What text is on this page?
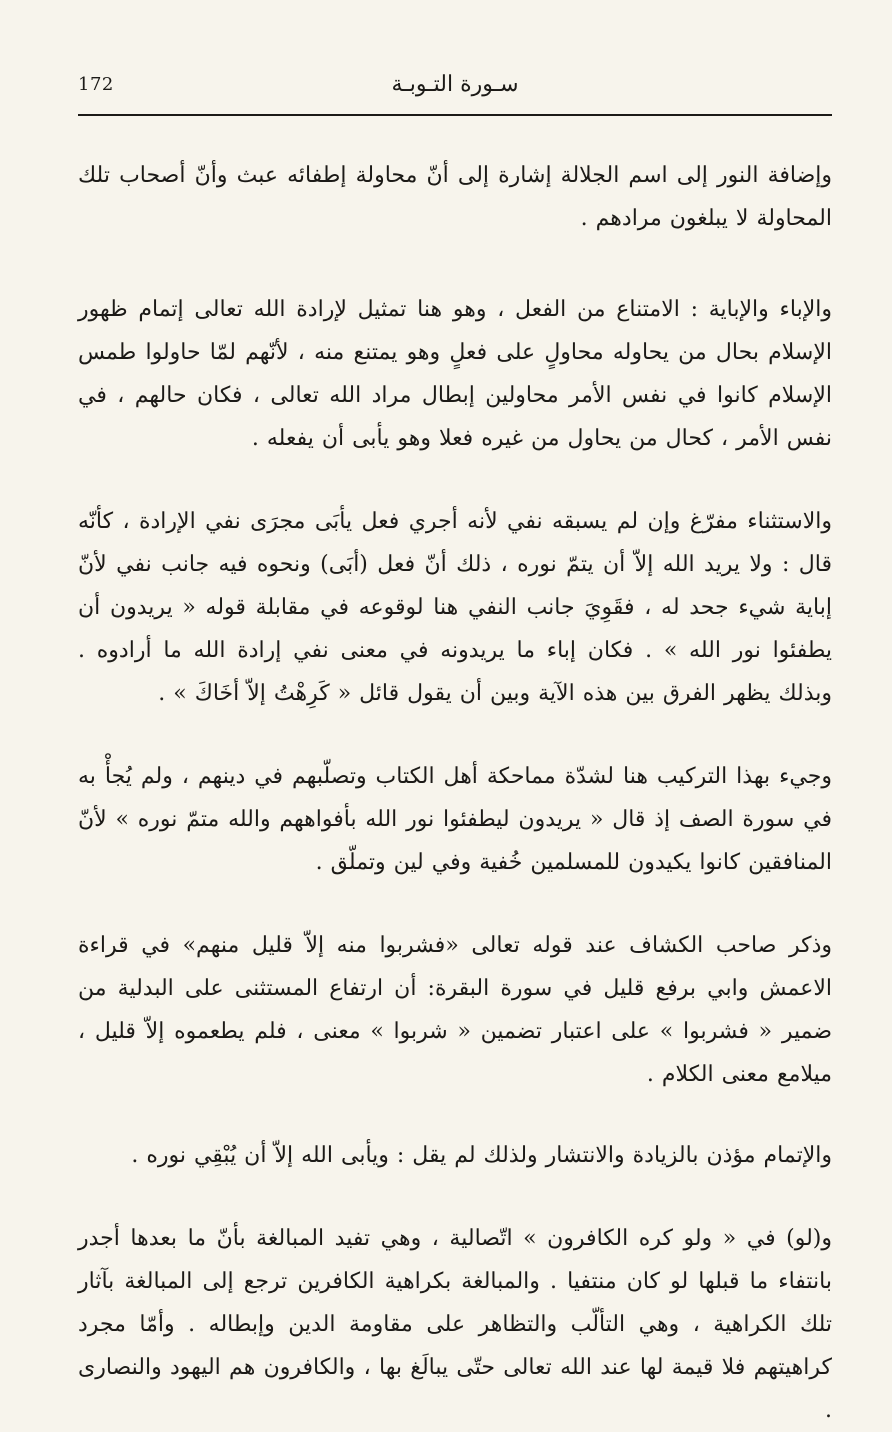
172	سـورة التـوبـة

وإضافة النور إلى اسم الجلالة إشارة إلى أنّ محاولة إطفائه عبث وأنّ أصحاب تلك المحاولة لا يبلغون مرادهم .

والإباء والإباية : الامتناع من الفعل ، وهو هنا تمثيل لإرادة الله تعالى إتمام ظهور الإسلام بحال من يحاوله محاولٍ على فعلٍ وهو يمتنع منه ، لأنّهم لمّا حاولوا طمس الإسلام كانوا في نفس الأمر محاولين إبطال مراد الله تعالى ، فكان حالهم ، في نفس الأمر ، كحال من يحاول من غيره فعلا وهو يأبى أن يفعله .

والاستثناء مفرّغ وإن لم يسبقه نفي لأنه أجري فعل يأبَى مجرَى نفي الإرادة ، كأنّه قال : ولا يريد الله إلاّ أن يتمّ نوره ، ذلك أنّ فعل (أبَى) ونحوه فيه جانب نفي لأنّ إباية شيء جحد له ، فقَوِيَ جانب النفي هنا لوقوعه في مقابلة قوله « يريدون أن يطفئوا نور الله » . فكان إباء ما يريدونه في معنى نفي إرادة الله ما أرادوه . وبذلك يظهر الفرق بين هذه الآية وبين أن يقول قائل « كَرِهْتُ إلاّ أخَاكَ » .

وجيء بهذا التركيب هنا لشدّة مماحكة أهل الكتاب وتصلّبهم في دينهم ، ولم يُجأْ به في سورة الصف إذ قال « يريدون ليطفئوا نور الله بأفواههم والله متمّ نوره » لأنّ المنافقين كانوا يكيدون للمسلمين خُفية وفي لين وتملّق .

وذكر صاحب الكشاف عند قوله تعالى «فشربوا منه إلاّ قليل منهم» في قراءة الاعمش وابي برفع قليل في سورة البقرة: أن ارتفاع المستثنى على البدلية من ضمير « فشربوا » على اعتبار تضمين « شربوا » معنى ، فلم يطعموه إلاّ قليل ، ميلامع معنى الكلام .

والإتمام مؤذن بالزيادة والانتشار ولذلك لم يقل : ويأبى الله إلاّ أن يُبْقِي نوره .

و(لو) في « ولو كره الكافرون » اتّصالية ، وهي تفيد المبالغة بأنّ ما بعدها أجدر بانتفاء ما قبلها لو كان منتفيا . والمبالغة بكراهية الكافرين ترجع إلى المبالغة بآثار تلك الكراهية ، وهي التألّب والتظاهر على مقاومة الدين وإبطاله . وأمّا مجرد كراهيتهم فلا قيمة لها عند الله تعالى حتّى يبالَغ بها ، والكافرون هم اليهود والنصارى .
